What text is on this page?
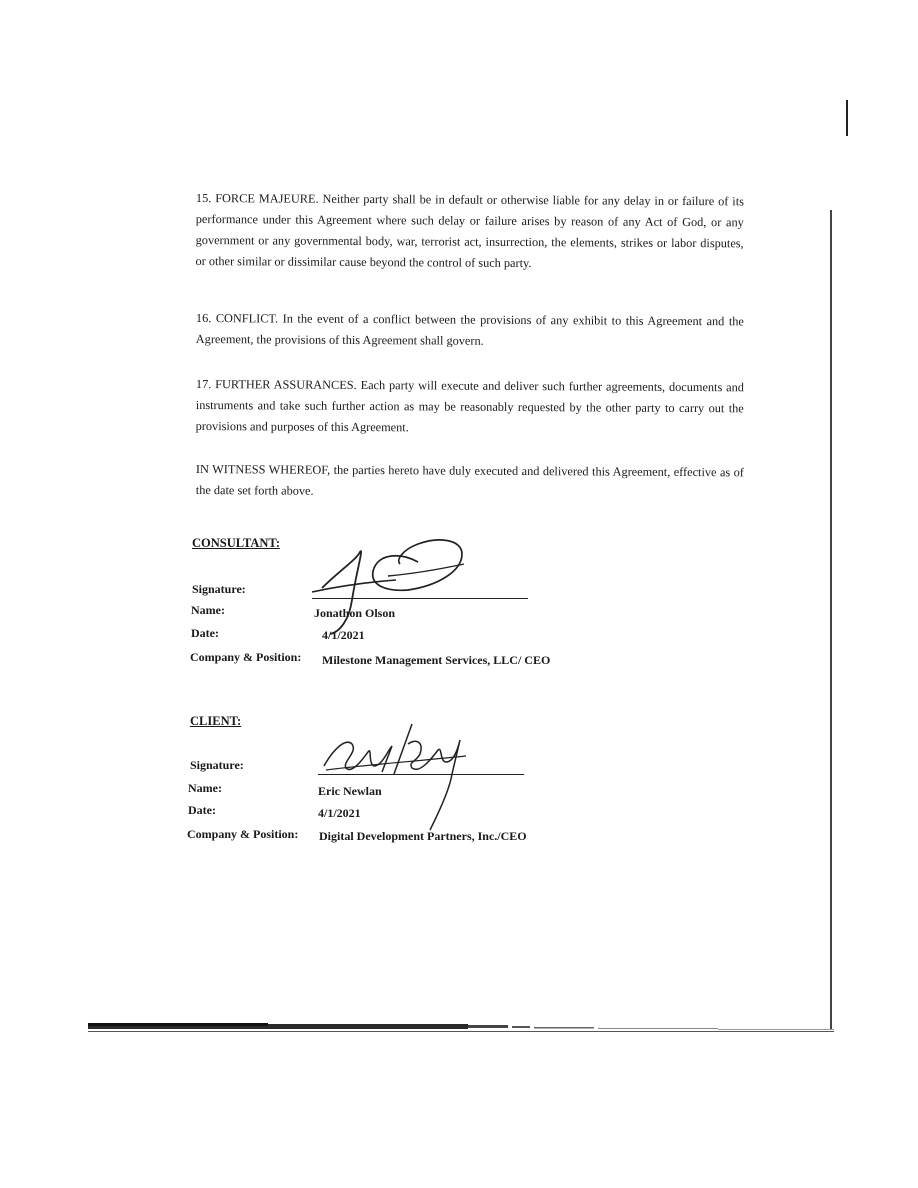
15. FORCE MAJEURE. Neither party shall be in default or otherwise liable for any delay in or failure of its performance under this Agreement where such delay or failure arises by reason of any Act of God, or any government or any governmental body, war, terrorist act, insurrection, the elements, strikes or labor disputes, or other similar or dissimilar cause beyond the control of such party.

16. CONFLICT. In the event of a conflict between the provisions of any exhibit to this Agreement and the Agreement, the provisions of this Agreement shall govern.

17. FURTHER ASSURANCES. Each party will execute and deliver such further agreements, documents and instruments and take such further action as may be reasonably requested by the other party to carry out the provisions and purposes of this Agreement.

IN WITNESS WHEREOF, the parties hereto have duly executed and delivered this Agreement, effective as of the date set forth above.

CONSULTANT:
Signature:
Name:	Jonathon Olson
Date:	4/1/2021
Company & Position: Milestone Management Services, LLC/ CEO
CLIENT:
Signature:
Name:	Eric Newlan
Date:	4/1/2021
Company & Position: Digital Development Partners, Inc./CEO
